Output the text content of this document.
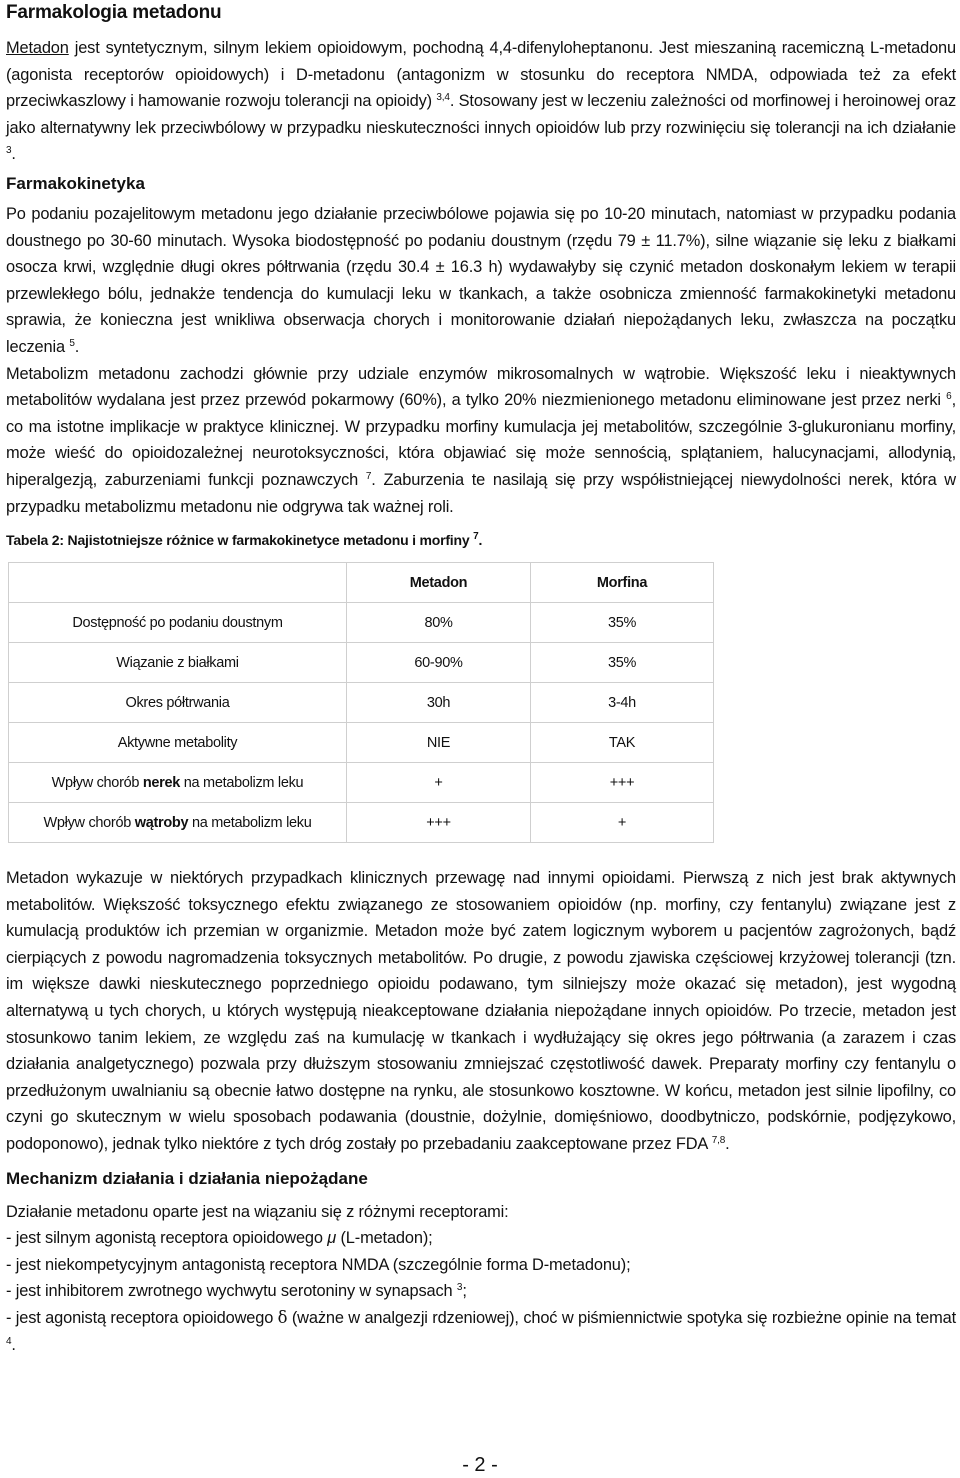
Farmakologia metadonu

Metadon jest syntetycznym, silnym lekiem opioidowym, pochodną 4,4-difenyloheptanonu. Jest mieszaniną racemiczną L-metadonu (agonista receptorów opioidowych) i D-metadonu (antagonizm w stosunku do receptora NMDA, odpowiada też za efekt przeciwkaszlowy i hamowanie rozwoju tolerancji na opioidy) $^{3,4}$. Stosowany jest w leczeniu zależności od morfinowej i heroinowej oraz jako alternatywny lek przeciwbólowy w przypadku nieskuteczności innych opioidów lub przy rozwinięciu się tolerancji na ich działanie $^3$.

Farmakokinetyka

Po podaniu pozajelitowym metadonu jego działanie przeciwbólowe pojawia się po 10-20 minutach, natomiast w przypadku podania doustnego po 30-60 minutach. Wysoka biodostępność po podaniu doustnym (rzędu 79 ± 11.7%), silne wiązanie się leku z białkami osocza krwi, względnie długi okres półtrwania (rzędu 30.4 ± 16.3 h) wydawałyby się czynić metadon doskonałym lekiem w terapii przewlekłego bólu, jednakże tendencja do kumulacji leku w tkankach, a także osobnicza zmienność farmakokinetyki metadonu sprawia, że konieczna jest wnikliwa obserwacja chorych i monitorowanie działań niepożądanych leku, zwłaszcza na początku leczenia $^5$.

Metabolizm metadonu zachodzi głównie przy udziale enzymów mikrosomalnych w wątrobie. Większość leku i nieaktywnych metabolitów wydalana jest przez przewód pokarmowy (60%), a tylko 20% niezmienionego metadonu eliminowane jest przez nerki $^6$, co ma istotne implikacje w praktyce klinicznej. W przypadku morfiny kumulacja jej metabolitów, szczególnie 3-glukuronianu morfiny, może wieść do opioidozależnej neurotoksyczności, która objawiać się może sennością, splątaniem, halucynacjami, allodynią, hiperalgezją, zaburzeniami funkcji poznawczych $^7$. Zaburzenia te nasilają się przy współistniejącej niewydolności nerek, która w przypadku metabolizmu metadonu nie odgrywa tak ważnej roli.

Tabela 2: Najistotniejsze różnice w farmakokinetyce metadonu i morfiny $^7$.

	Metadon	Morfina
Dostępność po podaniu doustnym	80%	35%
Wiązanie z białkami	60-90%	35%
Okres półtrwania	30h	3-4h
Aktywne metabolity	NIE	TAK
Wpływ chorób nerek na metabolizm leku	+	+++
Wpływ chorób wątroby na metabolizm leku	+++	+

Metadon wykazuje w niektórych przypadkach klinicznych przewagę nad innymi opioidami. Pierwszą z nich jest brak aktywnych metabolitów. Większość toksycznego efektu związanego ze stosowaniem opioidów (np. morfiny, czy fentanylu) związane jest z kumulacją produktów ich przemian w organizmie. Metadon może być zatem logicznym wyborem u pacjentów zagrożonych, bądź cierpiących z powodu nagromadzenia toksycznych metabolitów. Po drugie, z powodu zjawiska częściowej krzyżowej tolerancji (tzn. im większe dawki nieskutecznego poprzedniego opioidu podawano, tym silniejszy może okazać się metadon), jest wygodną alternatywą u tych chorych, u których występują nieakceptowane działania niepożądane innych opioidów. Po trzecie, metadon jest stosunkowo tanim lekiem, ze względu zaś na kumulację w tkankach i wydłużający się okres jego półtrwania (a zarazem i czas działania analgetycznego) pozwala przy dłuższym stosowaniu zmniejszać częstotliwość dawek. Preparaty morfiny czy fentanylu o przedłużonym uwalnianiu są obecnie łatwo dostępne na rynku, ale stosunkowo kosztowne. W końcu, metadon jest silnie lipofilny, co czyni go skutecznym w wielu sposobach podawania (doustnie, dożylnie, domięśniowo, doodbytniczo, podskórnie, podjęzykowo, podoponowo), jednak tylko niektóre z tych dróg zostały po przebadaniu zaakceptowane przez FDA $^{7,8}$.

Mechanizm działania i działania niepożądane

Działanie metadonu oparte jest na wiązaniu się z różnymi receptorami:

- jest silnym agonistą receptora opioidowego μ (L-metadon);

- jest niekompetycyjnym antagonistą receptora NMDA (szczególnie forma D-metadonu);

- jest inhibitorem zwrotnego wychwytu serotoniny w synapsach $^3$;

- jest agonistą receptora opioidowego δ (ważne w analgezji rdzeniowej), choć w piśmiennictwie spotyka się rozbieżne opinie na temat $^4$.

- 2 -
